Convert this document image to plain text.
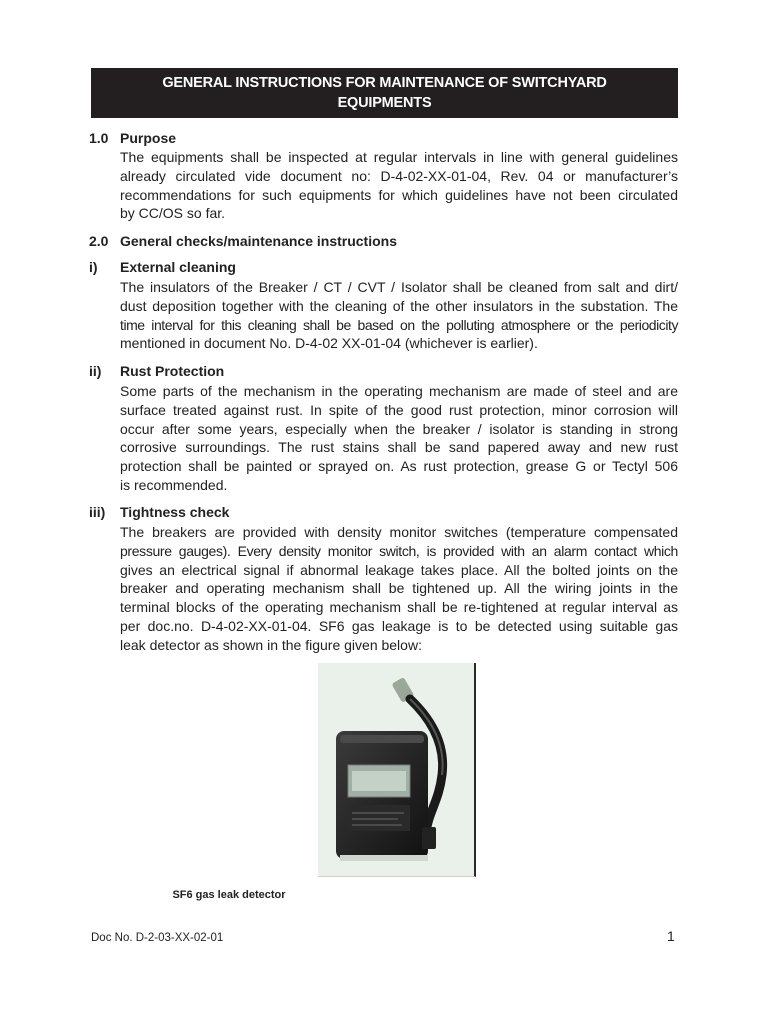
GENERAL INSTRUCTIONS FOR MAINTENANCE OF SWITCHYARD
EQUIPMENTS
1.0 Purpose
The equipments shall be inspected at regular intervals in line with general guidelines
already circulated vide document no: D-4-02-XX-01-04, Rev. 04 or manufacturer’s
recommendations for such equipments for which guidelines have not been circulated
by CC/OS so far.
2.0 General checks/maintenance instructions
i) External cleaning
The insulators of the Breaker / CT / CVT / Isolator shall be cleaned from salt and dirt/
dust deposition together with the cleaning of the other insulators in the substation. The
time interval for this cleaning shall be based on the polluting atmosphere or the periodicity
mentioned in document No. D-4-02 XX-01-04 (whichever is earlier).
ii) Rust Protection
Some parts of the mechanism in the operating mechanism are made of steel and are
surface treated against rust. In spite of the good rust protection, minor corrosion will
occur after some years, especially when the breaker / isolator is standing in strong
corrosive surroundings. The rust stains shall be sand papered away and new rust
protection shall be painted or sprayed on. As rust protection, grease G or Tectyl 506
is recommended.
iii) Tightness check
The breakers are provided with density monitor switches (temperature compensated
pressure gauges). Every density monitor switch, is provided with an alarm contact which
gives an electrical signal if abnormal leakage takes place. All the bolted joints on the
breaker and operating mechanism shall be tightened up. All the wiring joints in the
terminal blocks of the operating mechanism shall be re-tightened at regular interval as
per doc.no. D-4-02-XX-01-04. SF6 gas leakage is to be detected using suitable gas
leak detector as shown in the figure given below:
SF6 gas leak detector
Doc No. D-2-03-XX-02-01	1
